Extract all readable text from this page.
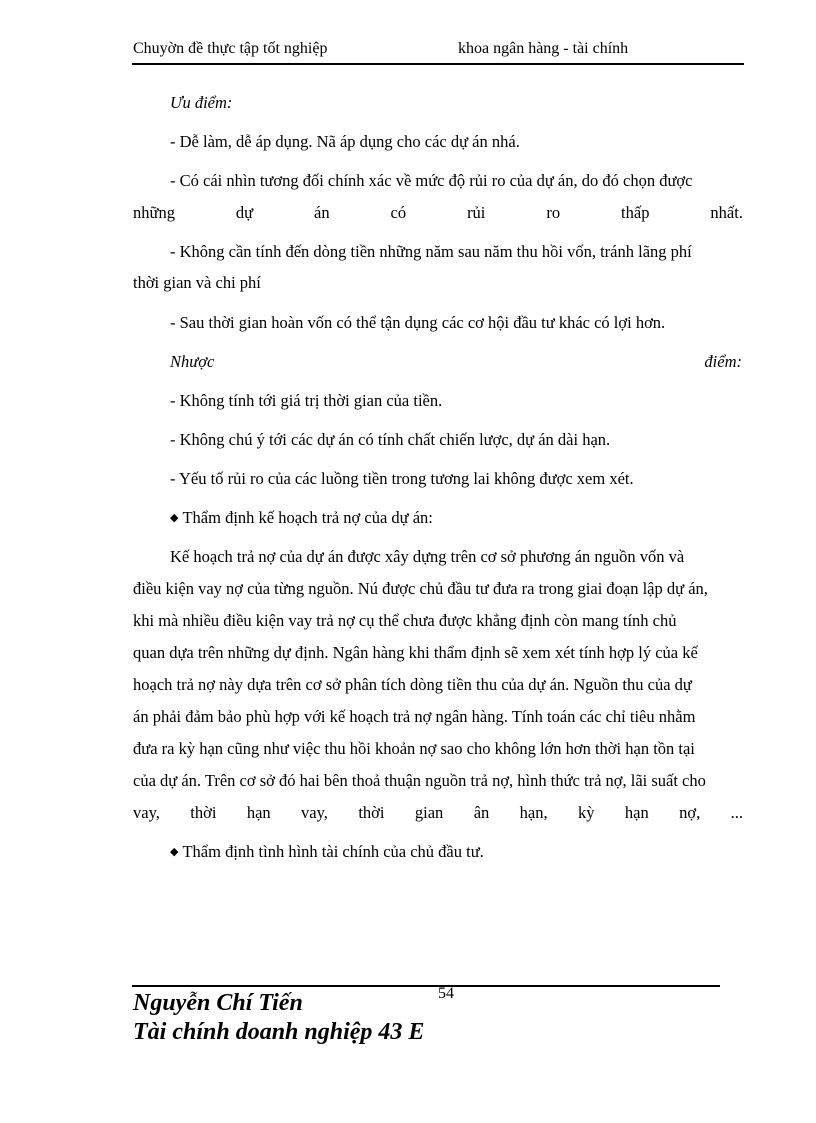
Chuyờn đề thực tập tốt nghiệp	khoa ngân hàng - tài chính
Ưu điểm:
- Dễ làm, dễ áp dụng. Nã áp dụng cho các dự án nhá.
- Có cái nhìn tương đối chính xác về mức độ rủi ro của dự án, do đó chọn được
những	dự	án	có	rủi	ro	thấp	nhất.
- Không cần tính đến dòng tiền những năm sau năm thu hồi vốn, tránh lãng phí
thời gian và chi phí
- Sau thời gian hoàn vốn có thể tận dụng các cơ hội đầu tư khác có lợi hơn.
Nhược	điểm:
- Không tính tới giá trị thời gian của tiền.
- Không chú ý tới các dự án có tính chất chiến lược, dự án dài hạn.
- Yếu tố rủi ro của các luồng tiền trong tương lai không được xem xét.
◆ Thẩm định kế hoạch trả nợ của dự án:
Kế hoạch trả nợ của dự án được xây dựng trên cơ sở phương án nguồn vốn và
điều kiện vay nợ của từng nguồn. Nú được chủ đầu tư đưa ra trong giai đoạn lập dự án,
khi mà nhiều điều kiện vay trả nợ cụ thể chưa được khẳng định còn mang tính chủ
quan dựa trên những dự định. Ngân hàng khi thẩm định sẽ xem xét tính hợp lý của kế
hoạch trả nợ này dựa trên cơ sở phân tích dòng tiền thu của dự án. Nguồn thu của dự
án phải đảm bảo phù hợp với kế hoạch trả nợ ngân hàng. Tính toán các chỉ tiêu nhằm
đưa ra kỳ hạn cũng như việc thu hồi khoản nợ sao cho không lớn hơn thời hạn tồn tại
của dự án. Trên cơ sở đó hai bên thoả thuận nguồn trả nợ, hình thức trả nợ, lãi suất cho
vay, thời hạn vay, thời gian ân hạn, kỳ hạn nợ, ...
◆ Thẩm định tình hình tài chính của chủ đầu tư.
54
Nguyễn Chí Tiến
Tài chính doanh nghiệp 43 E
